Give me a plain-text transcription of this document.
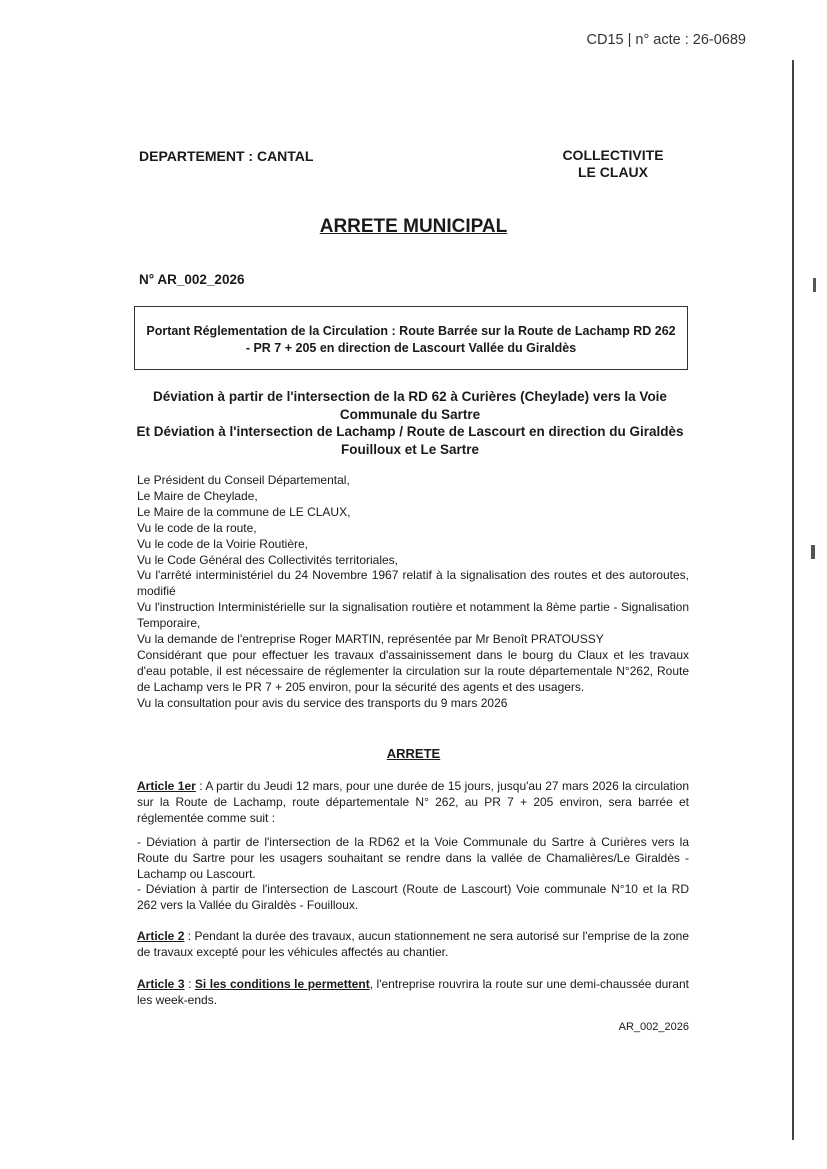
CD15 | n° acte : 26-0689
DEPARTEMENT : CANTAL	COLLECTIVITE
LE CLAUX
ARRETE MUNICIPAL
N° AR_002_2026
Portant Réglementation de la Circulation : Route Barrée sur la Route de Lachamp RD 262 - PR 7 + 205 en direction de Lascourt Vallée du Giraldès
Déviation à partir de l'intersection de la RD 62 à Curières (Cheylade) vers la Voie Communale du Sartre
Et Déviation à l'intersection de Lachamp / Route de Lascourt en direction du Giraldès Fouilloux et Le Sartre
Le Président du Conseil Départemental,
Le Maire de Cheylade,
Le Maire de la commune de LE CLAUX,
Vu le code de la route,
Vu le code de la Voirie Routière,
Vu le Code Général des Collectivités territoriales,
Vu l'arrêté interministériel du 24 Novembre 1967 relatif à la signalisation des routes et des autoroutes, modifié
Vu l'instruction Interministérielle sur la signalisation routière et notamment la 8ème partie - Signalisation Temporaire,
Vu la demande de l'entreprise Roger MARTIN, représentée par Mr Benoît PRATOUSSY
Considérant que pour effectuer les travaux d'assainissement dans le bourg du Claux et les travaux d'eau potable, il est nécessaire de réglementer la circulation sur la route départementale N°262, Route de Lachamp vers le PR 7 + 205 environ, pour la sécurité des agents et des usagers.
Vu la consultation pour avis du service des transports du 9 mars 2026
ARRETE
Article 1er : A partir du Jeudi 12 mars, pour une durée de 15 jours, jusqu'au 27 mars 2026 la circulation sur la Route de Lachamp, route départementale N° 262, au PR 7 + 205 environ, sera barrée et réglementée comme suit :
- Déviation à partir de l'intersection de la RD62 et la Voie Communale du Sartre à Curières vers la Route du Sartre pour les usagers souhaitant se rendre dans la vallée de Chamalières/Le Giraldès - Lachamp ou Lascourt.
- Déviation à partir de l'intersection de Lascourt (Route de Lascourt) Voie communale N°10 et la RD 262 vers la Vallée du Giraldès - Fouilloux.
Article 2 : Pendant la durée des travaux, aucun stationnement ne sera autorisé sur l'emprise de la zone de travaux excepté pour les véhicules affectés au chantier.
Article 3 : Si les conditions le permettent, l'entreprise rouvrira la route sur une demi-chaussée durant les week-ends.
AR_002_2026
